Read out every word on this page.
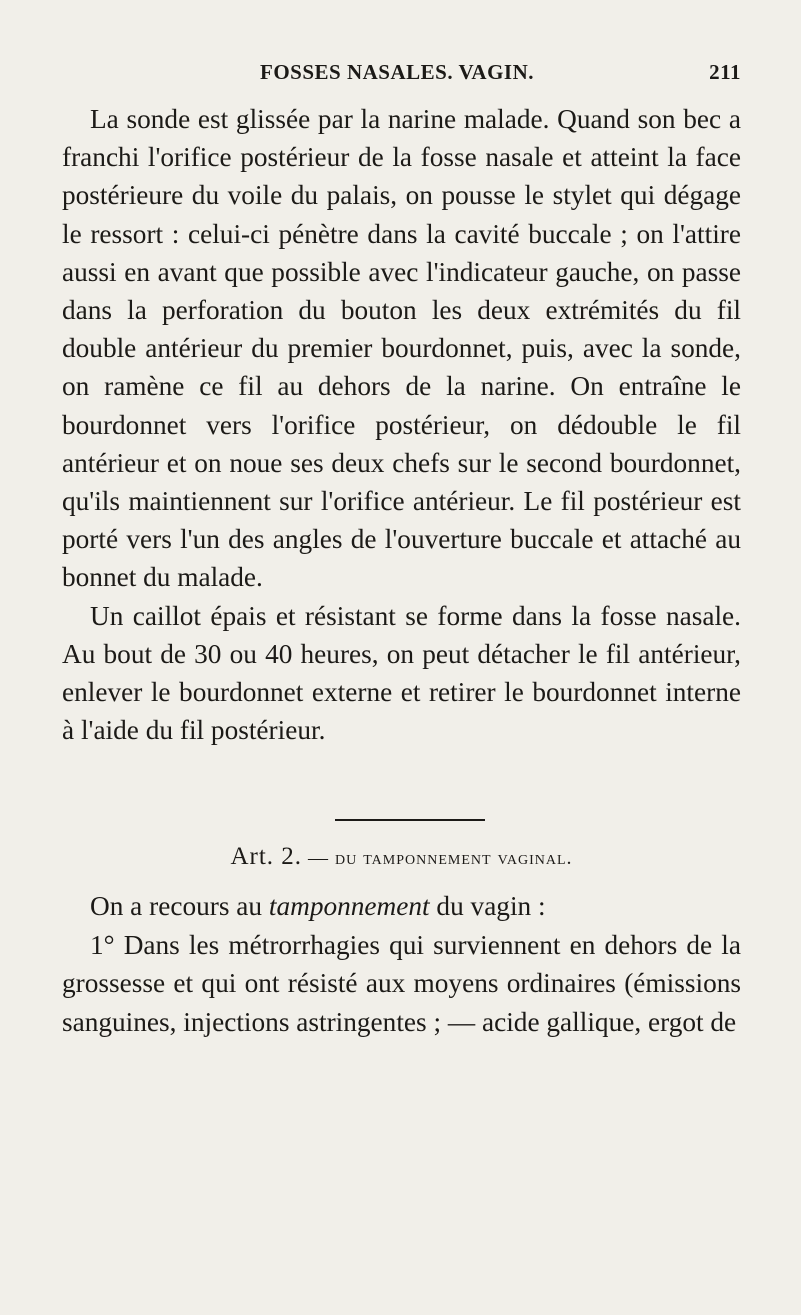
FOSSES NASALES. VAGIN.	211

La sonde est glissée par la narine malade. Quand son bec a franchi l'orifice postérieur de la fosse nasale et atteint la face postérieure du voile du palais, on pousse le stylet qui dégage le ressort : celui-ci pénètre dans la cavité buccale ; on l'attire aussi en avant que possible avec l'indicateur gauche, on passe dans la perforation du bouton les deux extrémités du fil double antérieur du premier bourdonnet, puis, avec la sonde, on ramène ce fil au dehors de la narine. On entraîne le bourdonnet vers l'orifice postérieur, on dédouble le fil antérieur et on noue ses deux chefs sur le second bourdonnet, qu'ils maintiennent sur l'orifice antérieur. Le fil postérieur est porté vers l'un des angles de l'ouverture buccale et attaché au bonnet du malade.

Un caillot épais et résistant se forme dans la fosse nasale. Au bout de 30 ou 40 heures, on peut détacher le fil antérieur, enlever le bourdonnet externe et retirer le bourdonnet interne à l'aide du fil postérieur.

Art. 2. — du tamponnement vaginal.

On a recours au tamponnement du vagin :

1° Dans les métrorrhagies qui surviennent en dehors de la grossesse et qui ont résisté aux moyens ordinaires (émissions sanguines, injections astringentes ; — acide gallique, ergot de
